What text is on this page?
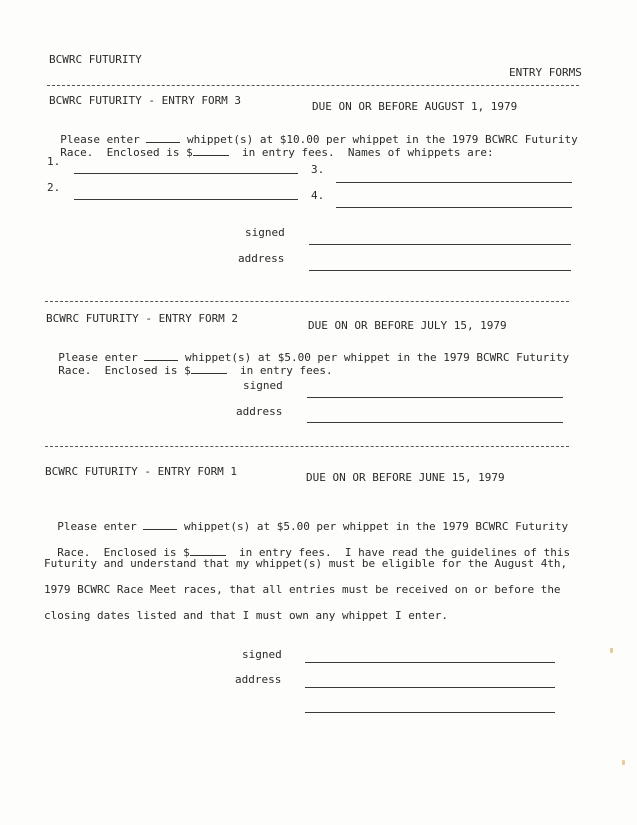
BCWRC FUTURITY
ENTRY FORMS
BCWRC FUTURITY - ENTRY FORM 3	DUE ON OR BEFORE AUGUST 1, 1979

Please enter	whippet(s) at $10.00 per whippet in the 1979 BCWRC Futurity

Race.  Enclosed is $	in entry fees.  Names of whippets are:

1.
2.
3.
4.
signed
address
BCWRC FUTURITY - ENTRY FORM 2
DUE ON OR BEFORE JULY 15, 1979

Please enter	whippet(s) at $5.00 per whippet in the 1979 BCWRC Futurity

Race.  Enclosed is $	in entry fees.

signed
address
BCWRC FUTURITY - ENTRY FORM 1	DUE ON OR BEFORE JUNE 15, 1979

Please enter	whippet(s) at $5.00 per whippet in the 1979 BCWRC Futurity

Race.  Enclosed is $	in entry fees.  I have read the guidelines of this

Futurity and understand that my whippet(s) must be eligible for the August 4th,
1979 BCWRC Race Meet races, that all entries must be received on or before the
closing dates listed and that I must own any whippet I enter.
signed
address
